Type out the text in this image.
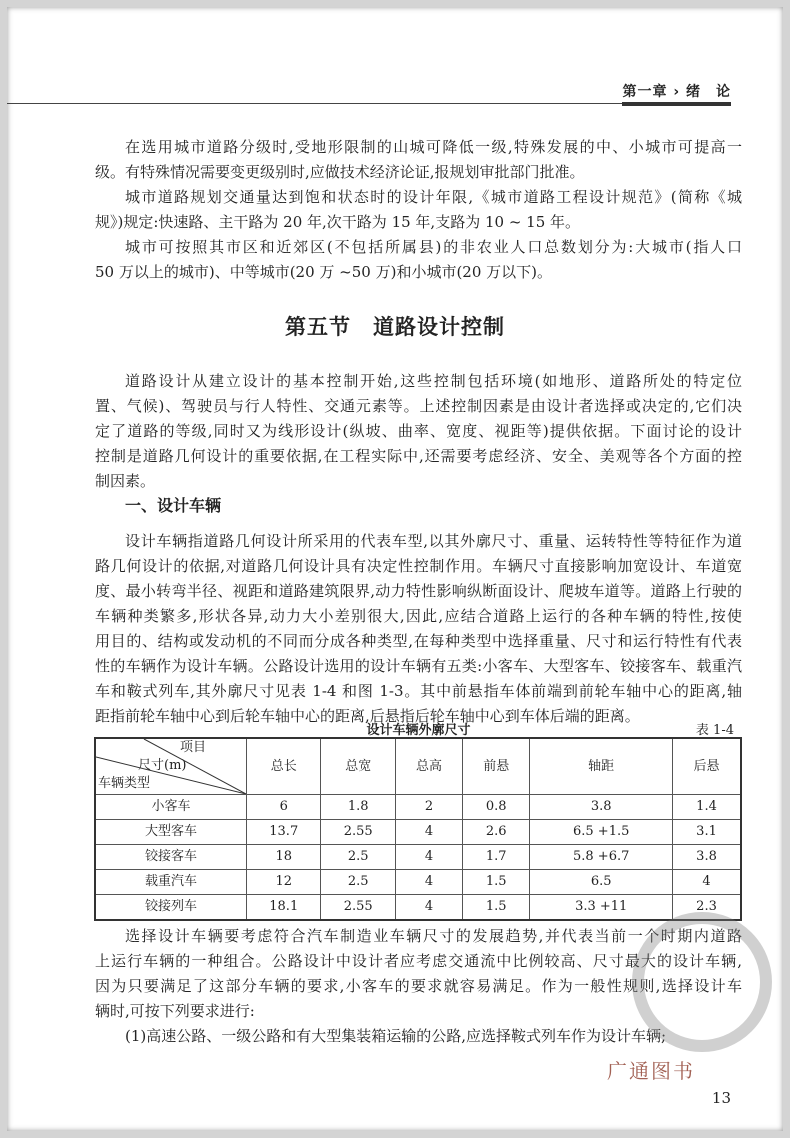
第一章 › 绪　论
在选用城市道路分级时,受地形限制的山城可降低一级,特殊发展的中、小城市可提高一
级。有特殊情况需要变更级别时,应做技术经济论证,报规划审批部门批准。
城市道路规划交通量达到饱和状态时的设计年限,《城市道路工程设计规范》(简称《城
规》)规定:快速路、主干路为 20 年,次干路为 15 年,支路为 10 ~ 15 年。
城市可按照其市区和近郊区(不包括所属县)的非农业人口总数划分为:大城市(指人口
50 万以上的城市)、中等城市(20 万 ~50 万)和小城市(20 万以下)。
第五节 道路设计控制
道路设计从建立设计的基本控制开始,这些控制包括环境(如地形、道路所处的特定位
置、气候)、驾驶员与行人特性、交通元素等。上述控制因素是由设计者选择或决定的,它们决
定了道路的等级,同时又为线形设计(纵坡、曲率、宽度、视距等)提供依据。下面讨论的设计
控制是道路几何设计的重要依据,在工程实际中,还需要考虑经济、安全、美观等各个方面的控
制因素。
一、设计车辆
设计车辆指道路几何设计所采用的代表车型,以其外廓尺寸、重量、运转特性等特征作为道
路几何设计的依据,对道路几何设计具有决定性控制作用。车辆尺寸直接影响加宽设计、车道宽
度、最小转弯半径、视距和道路建筑限界,动力特性影响纵断面设计、爬坡车道等。道路上行驶的
车辆种类繁多,形状各异,动力大小差别很大,因此,应结合道路上运行的各种车辆的特性,按使
用目的、结构或发动机的不同而分成各种类型,在每种类型中选择重量、尺寸和运行特性有代表
性的车辆作为设计车辆。公路设计选用的设计车辆有五类:小客车、大型客车、铰接客车、载重汽
车和鞍式列车,其外廓尺寸见表 1-4 和图 1-3。其中前悬指车体前端到前轮车轴中心的距离,轴
距指前轮车轴中心到后轮车轴中心的距离,后悬指后轮车轴中心到车体后端的距离。
设计车辆外廓尺寸	表 1-4
项目
尺寸(m)
车辆类型	总长	总宽	总高	前悬	轴距	后悬
小客车	6	1.8	2	0.8	3.8	1.4
大型客车	13.7	2.55	4	2.6	6.5 +1.5	3.1
铰接客车	18	2.5	4	1.7	5.8 +6.7	3.8
载重汽车	12	2.5	4	1.5	6.5	4
铰接列车	18.1	2.55	4	1.5	3.3 +11	2.3
选择设计车辆要考虑符合汽车制造业车辆尺寸的发展趋势,并代表当前一个时期内道路
上运行车辆的一种组合。公路设计中设计者应考虑交通流中比例较高、尺寸最大的设计车辆,
因为只要满足了这部分车辆的要求,小客车的要求就容易满足。作为一般性规则,选择设计车
辆时,可按下列要求进行:
(1)高速公路、一级公路和有大型集装箱运输的公路,应选择鞍式列车作为设计车辆;
广通图书
13
